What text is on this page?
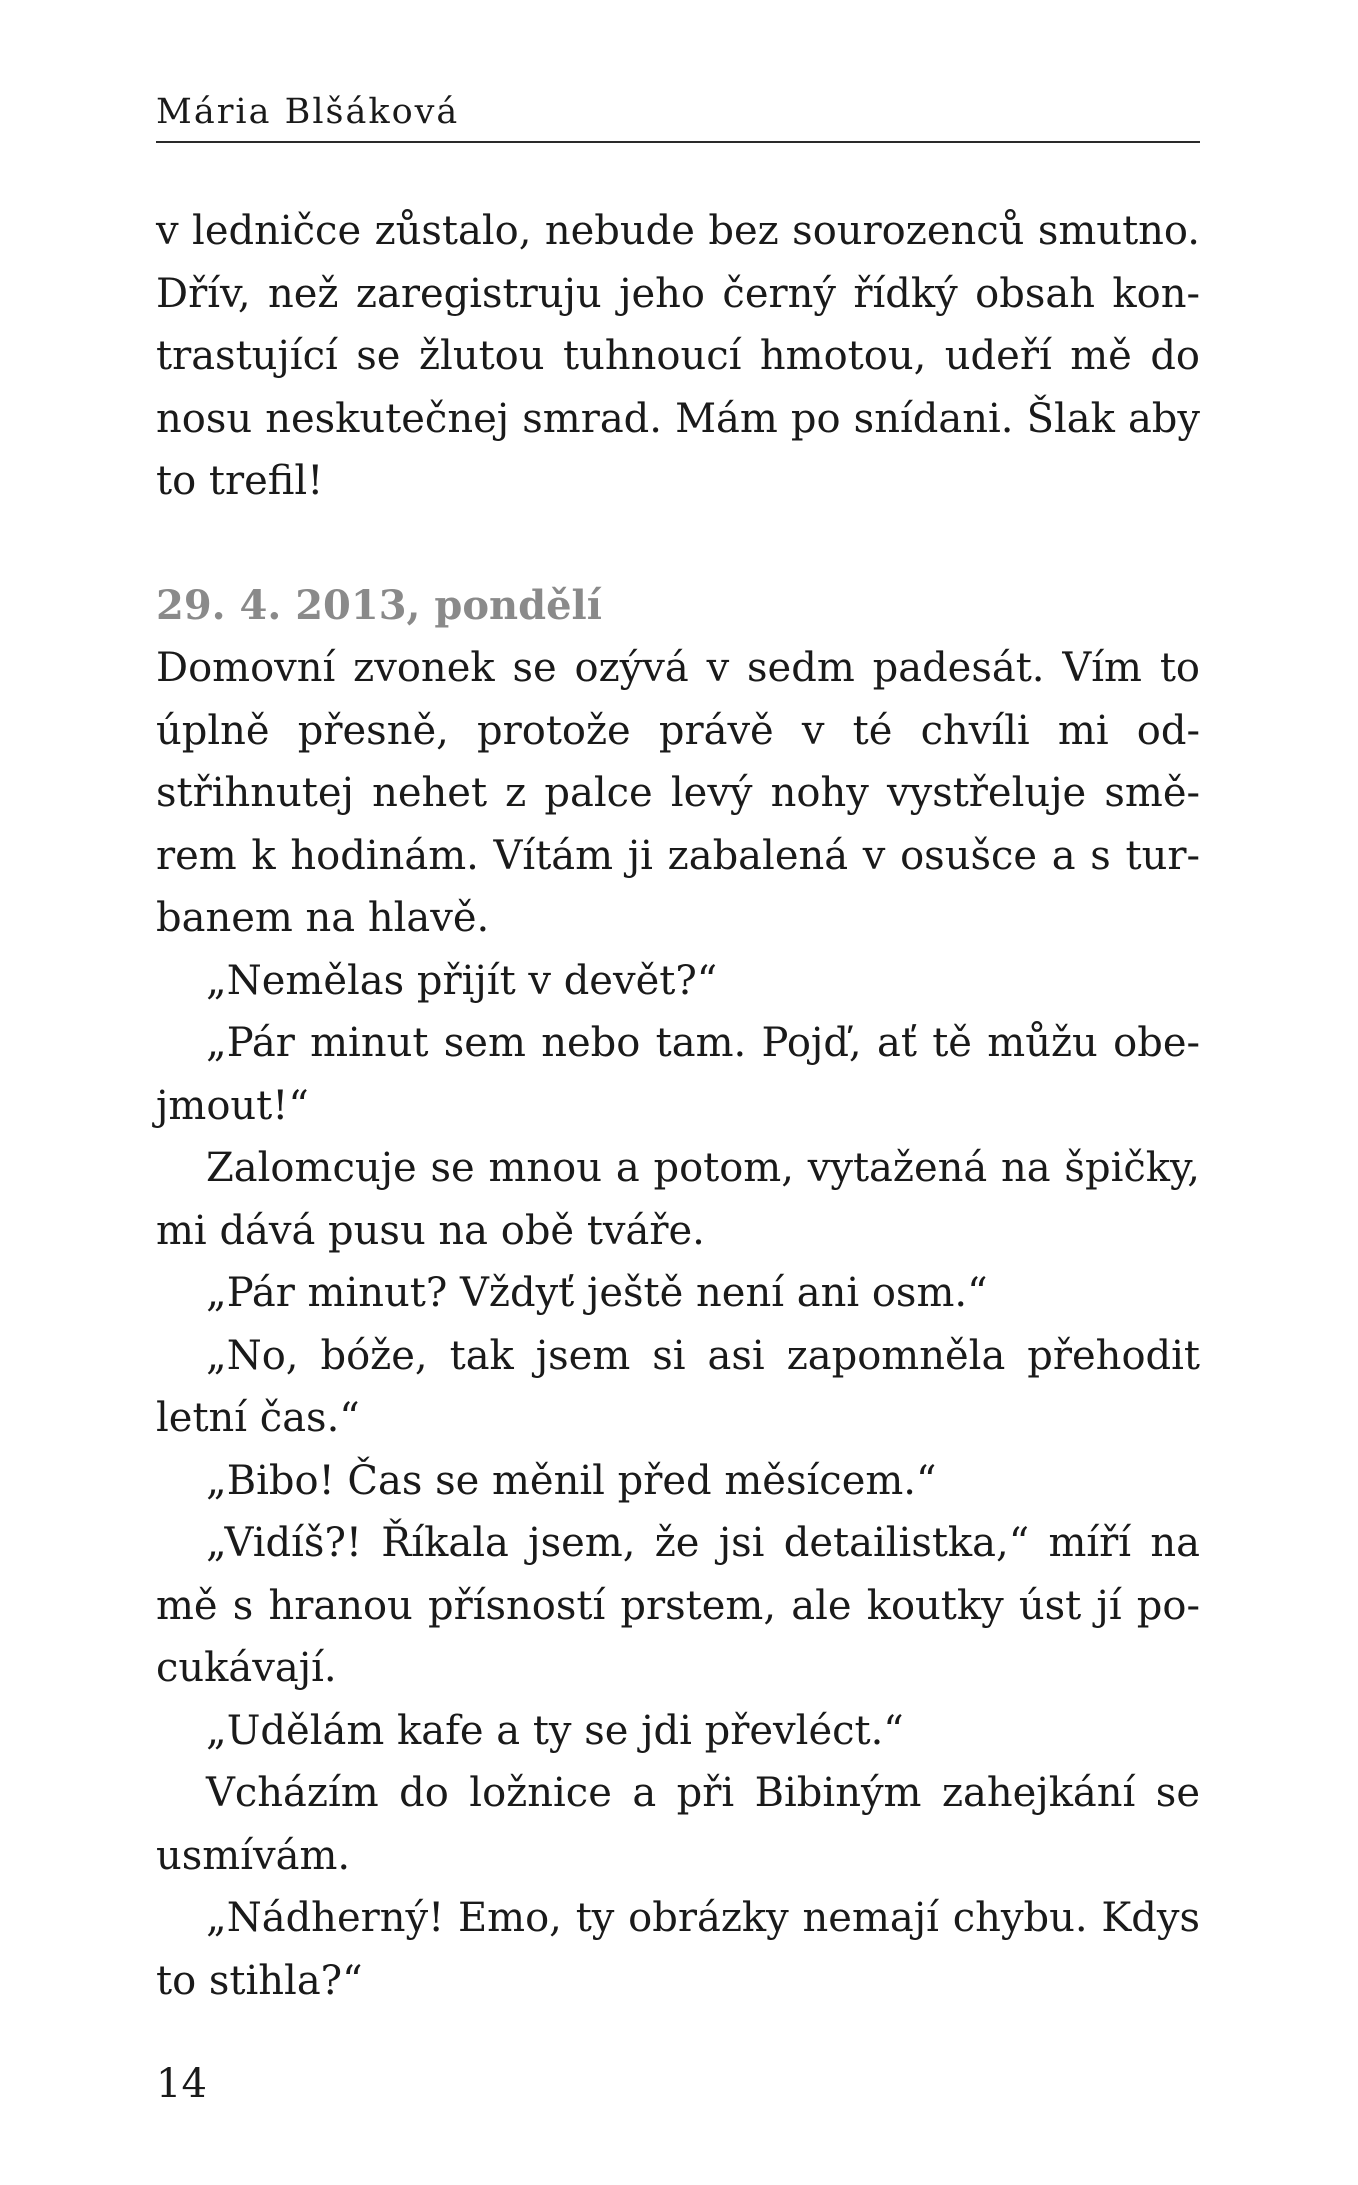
Mária Blšáková

v ledničce zůstalo, nebude bez sourozenců smutno. Dřív, než zaregistruju jeho černý řídký obsah kontrastující se žlutou tuhnoucí hmotou, udeří mě do nosu neskutečnej smrad. Mám po snídani. Šlak aby to trefil!

29. 4. 2013, pondělí

Domovní zvonek se ozývá v sedm padesát. Vím to úplně přesně, protože právě v té chvíli mi odstřihnutej nehet z palce levý nohy vystřeluje směrem k hodinám. Vítám ji zabalená v osušce a s turbanem na hlavě.

„Nemělas přijít v devět?“

„Pár minut sem nebo tam. Pojď, ať tě můžu obejmout!“

Zalomcuje se mnou a potom, vytažená na špičky, mi dává pusu na obě tváře.

„Pár minut? Vždyť ještě není ani osm.“

„No, bóže, tak jsem si asi zapomněla přehodit letní čas.“

„Bibo! Čas se měnil před měsícem.“

„Vidíš?! Říkala jsem, že jsi detailistka,“ míří na mě s hranou přísností prstem, ale koutky úst jí pocukávají.

„Udělám kafe a ty se jdi převléct.“

Vcházím do ložnice a při Bibiným zahejkání se usmívám.

„Nádherný! Emo, ty obrázky nemají chybu. Kdys to stihla?“

14
